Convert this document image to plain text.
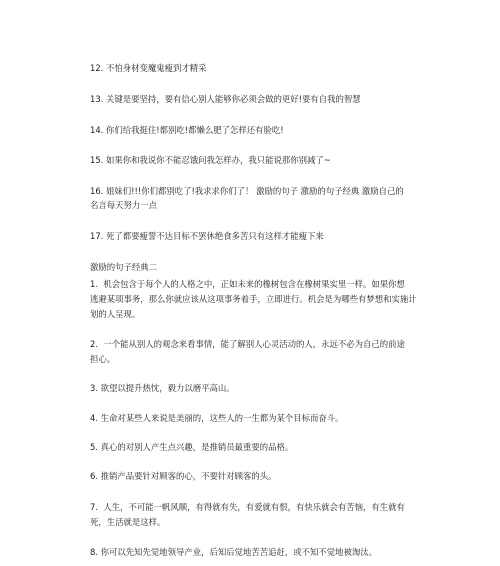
12. 不怕身材变魔鬼瘦到才精采
13. 关键是要坚持，要有信心别人能够你必须会做的更好!要有自我的智慧
14. 你们给我挺住!都别吃!都懒么肥了怎样还有脸吃!
15. 如果你和我说你不能忍饿问我怎样办，我只能说那你别减了~
16. 姐妹们!!!你们都别吃了!我求求你们了！ 激励的句子 激励的句子经典 激励自己的
名言每天努力一点
17. 死了都要瘦誓不达目标不罢休绝食多苦只有这样才能瘦下来
激励的句子经典二
1. 机会包含于每个人的人格之中，正如未来的橡树包含在橡树果实里一样。如果你想
逃避某项事务，那么你就应该从这项事务着手，立即进行。机会是为哪些有梦想和实施计
划的人呈现。
2. 一个能从别人的观念来看事情，能了解别人心灵活动的人，永远不必为自己的前途
担心。
3. 欲望以提升热忱，毅力以磨平高山。
4. 生命对某些人来说是美丽的，这些人的一生都为某个目标而奋斗。
5. 真心的对别人产生点兴趣，是推销员最重要的品格。
6. 推销产品要针对顾客的心，不要针对顾客的头。
7. 人生，不可能一帆风顺，有得就有失，有爱就有恨，有快乐就会有苦恼，有生就有
死，生活就是这样。
8. 你可以先知先觉地领导产业，后知后觉地苦苦追赶，或不知不觉地被淘汰。
